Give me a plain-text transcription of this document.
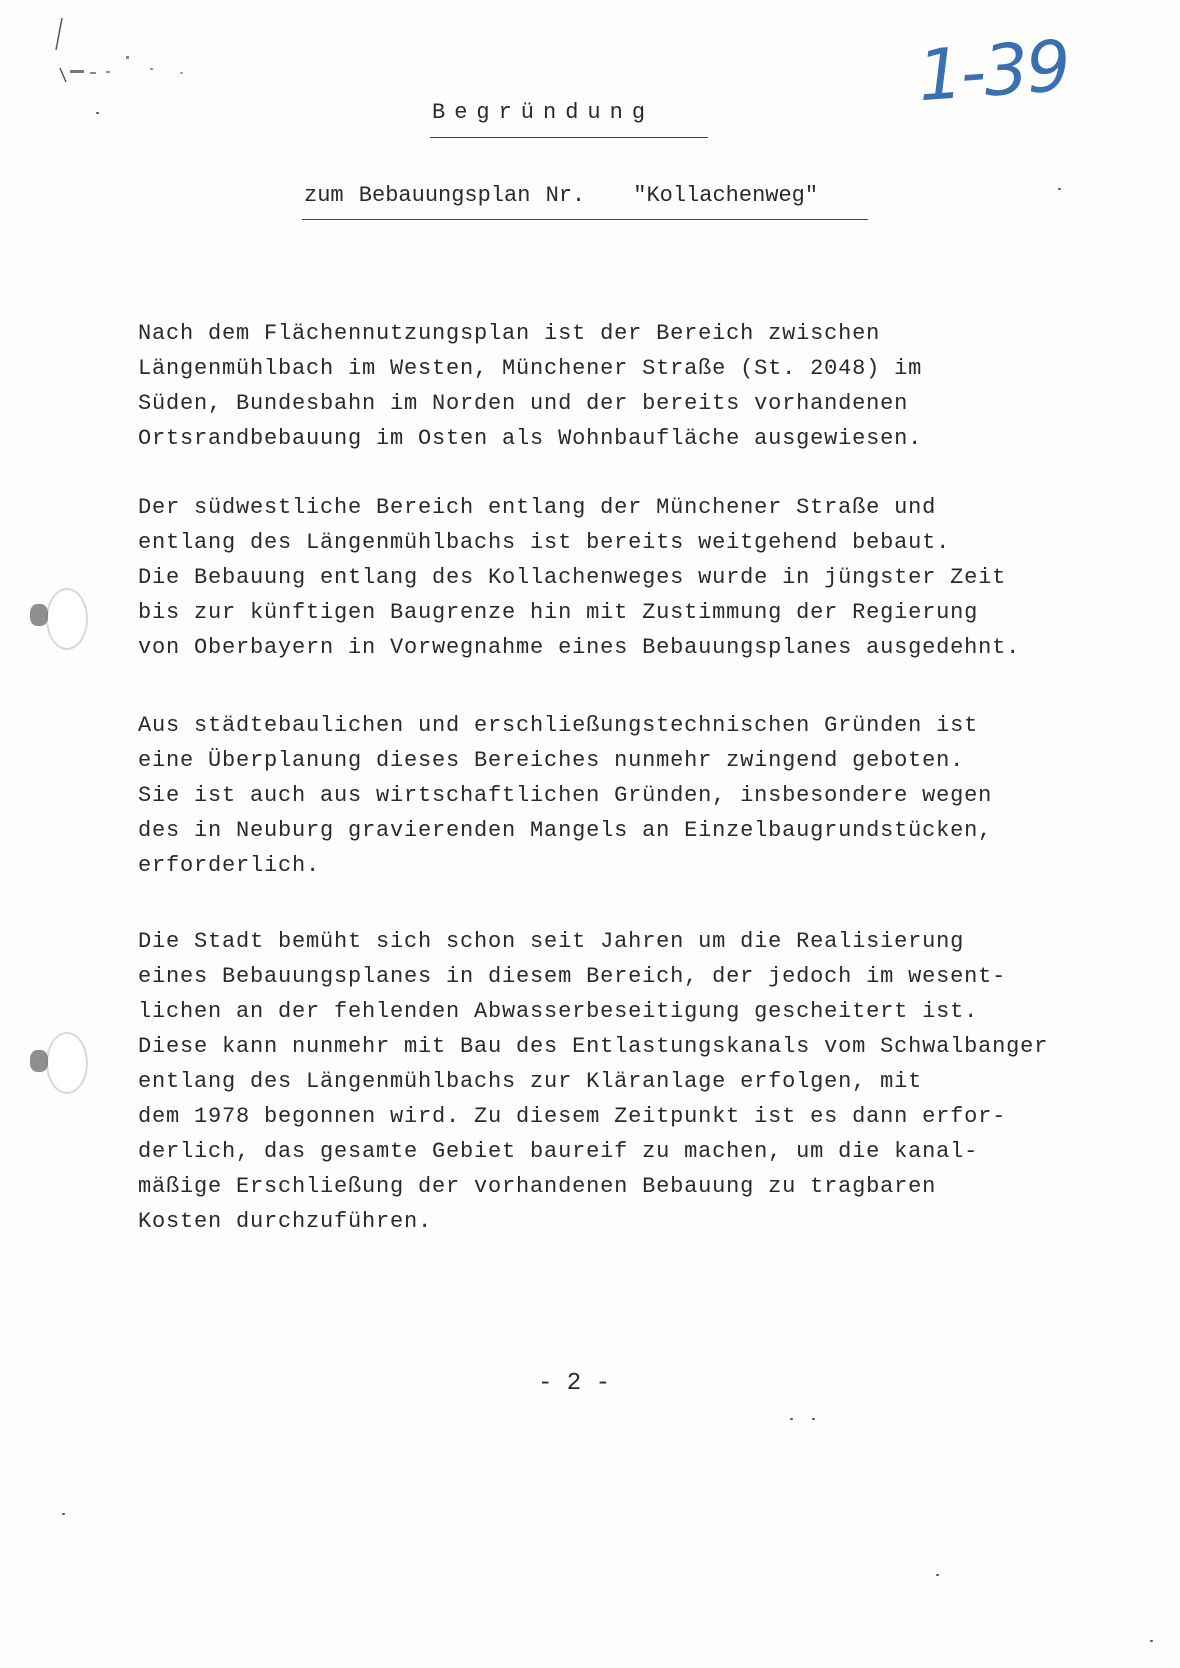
1-39
Begründung
zum Bebauungsplan Nr. "Kollachenweg"
Nach dem Flächennutzungsplan ist der Bereich zwischen
Längenmühlbach im Westen, Münchener Straße (St. 2048) im
Süden, Bundesbahn im Norden und der bereits vorhandenen
Ortsrandbebauung im Osten als Wohnbaufläche ausgewiesen.
Der südwestliche Bereich entlang der Münchener Straße und
entlang des Längenmühlbachs ist bereits weitgehend bebaut.
Die Bebauung entlang des Kollachenweges wurde in jüngster Zeit
bis zur künftigen Baugrenze hin mit Zustimmung der Regierung
von Oberbayern in Vorwegnahme eines Bebauungsplanes ausgedehnt.
Aus städtebaulichen und erschließungstechnischen Gründen ist
eine Überplanung dieses Bereiches nunmehr zwingend geboten.
Sie ist auch aus wirtschaftlichen Gründen, insbesondere wegen
des in Neuburg gravierenden Mangels an Einzelbaugrundstücken,
erforderlich.
Die Stadt bemüht sich schon seit Jahren um die Realisierung
eines Bebauungsplanes in diesem Bereich, der jedoch im wesent-
lichen an der fehlenden Abwasserbeseitigung gescheitert ist.
Diese kann nunmehr mit Bau des Entlastungskanals vom Schwalbanger
entlang des Längenmühlbachs zur Kläranlage erfolgen, mit
dem 1978 begonnen wird. Zu diesem Zeitpunkt ist es dann erfor-
derlich, das gesamte Gebiet baureif zu machen, um die kanal-
mäßige Erschließung der vorhandenen Bebauung zu tragbaren
Kosten durchzuführen.
- 2 -
